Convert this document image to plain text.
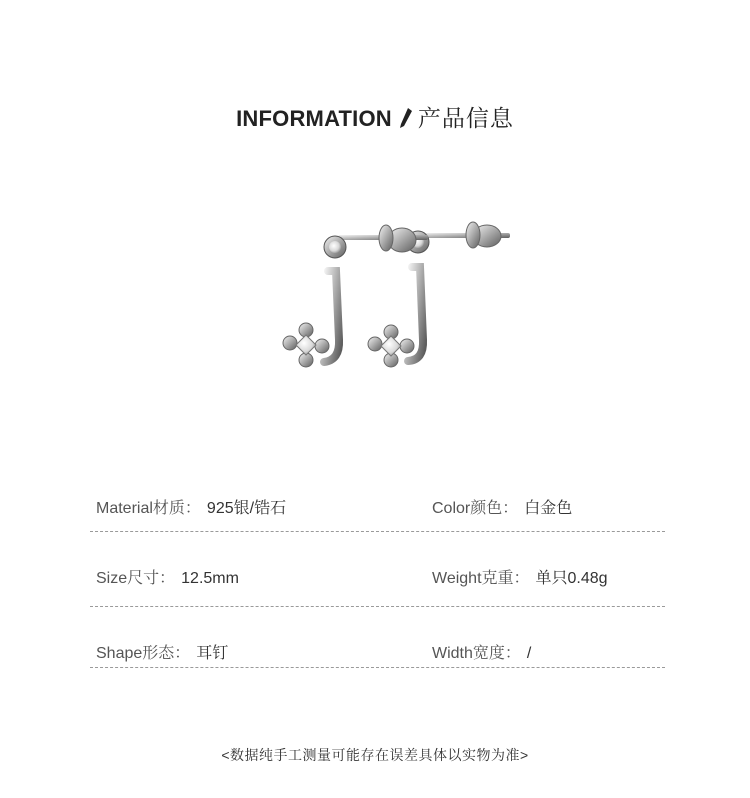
INFORMATION 产品信息
Material材质： 925银/锆石	Color颜色： 白金色
Size尺寸： 12.5mm	Weight克重： 单只0.48g
Shape形态： 耳钉	Width宽度： /
<数据纯手工测量可能存在误差具体以实物为准>
